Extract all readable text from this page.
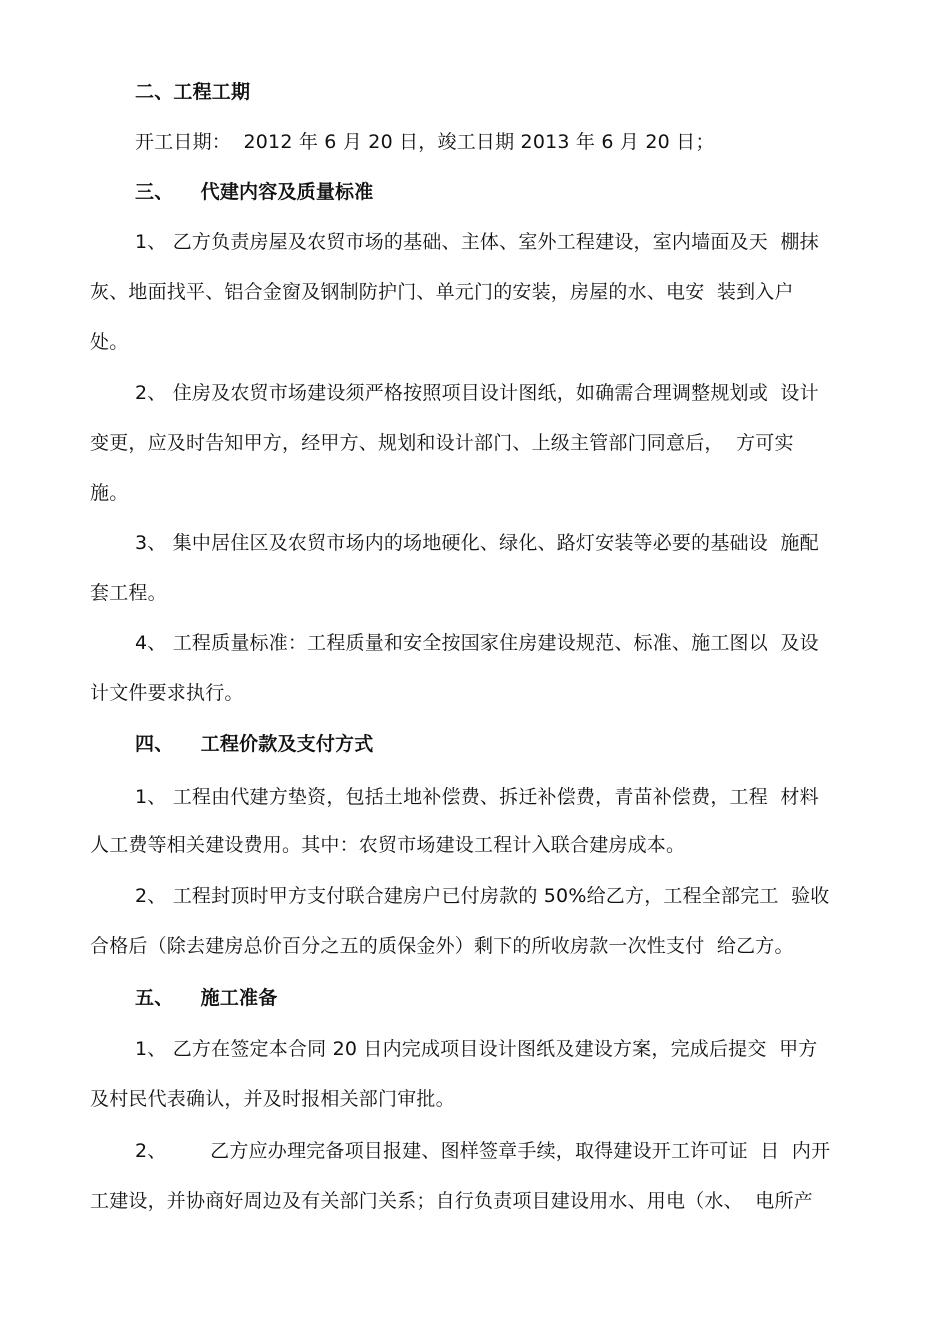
二、工程工期
开工日期：  2012 年 6 月 20 日，竣工日期 2013 年 6 月 20 日；
三、    代建内容及质量标准
1、 乙方负责房屋及农贸市场的基础、主体、室外工程建设，室内墙面及天  棚抹
灰、地面找平、铝合金窗及钢制防护门、单元门的安装，房屋的水、电安  装到入户
处。
2、 住房及农贸市场建设须严格按照项目设计图纸，如确需合理调整规划或  设计
变更，应及时告知甲方，经甲方、规划和设计部门、上级主管部门同意后，  方可实
施。
3、 集中居住区及农贸市场内的场地硬化、绿化、路灯安装等必要的基础设  施配
套工程。
4、 工程质量标准：工程质量和安全按国家住房建设规范、标准、施工图以  及设
计文件要求执行。
四、    工程价款及支付方式
1、 工程由代建方垫资，包括土地补偿费、拆迁补偿费，青苗补偿费，工程  材料
人工费等相关建设费用。其中：农贸市场建设工程计入联合建房成本。
2、 工程封顶时甲方支付联合建房户已付房款的 50%给乙方，工程全部完工  验收
合格后（除去建房总价百分之五的质保金外）剩下的所收房款一次性支付  给乙方。
五、    施工准备
1、 乙方在签定本合同 20 日内完成项目设计图纸及建设方案，完成后提交  甲方
及村民代表确认，并及时报相关部门审批。
2、       乙方应办理完备项目报建、图样签章手续，取得建设开工许可证  日  内开
工建设，并协商好周边及有关部门关系；自行负责项目建设用水、用电（水、  电所产
